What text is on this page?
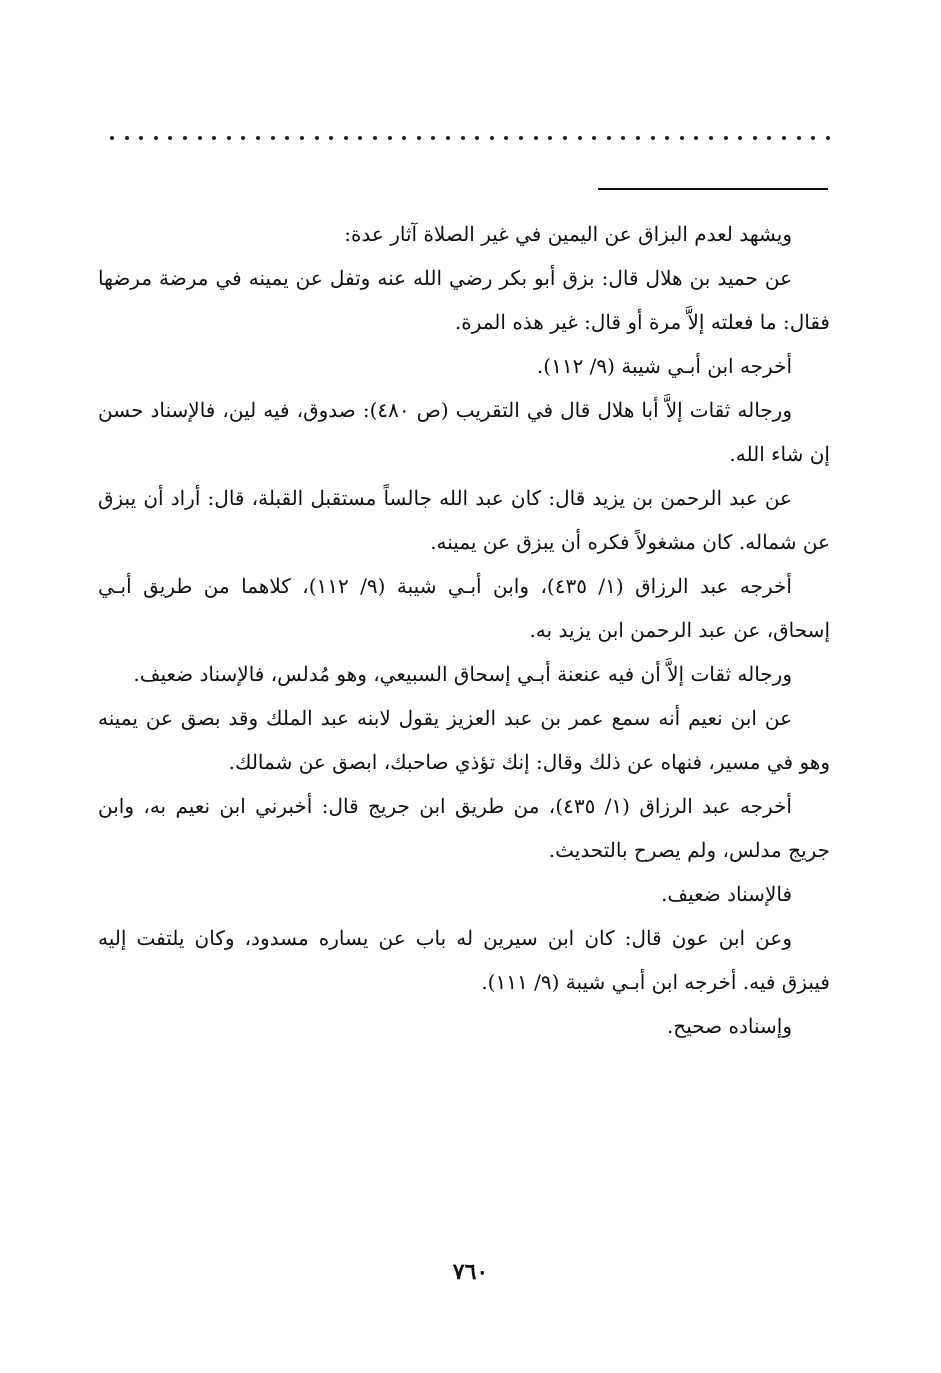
ويشهد لعدم البزاق عن اليمين في غير الصلاة آثار عدة:

عن حميد بن هلال قال: بزق أبو بكر رضي الله عنه وتفل عن يمينه في مرضة مرضها فقال: ما فعلته إلاَّ مرة أو قال: غير هذه المرة.

أخرجه ابن أبـي شيبة (٩/ ١١٢).

ورجاله ثقات إلاَّ أبا هلال قال في التقريب (ص ٤٨٠): صدوق، فيه لين، فالإسناد حسن إن شاء الله.

عن عبد الرحمن بن يزيد قال: كان عبد الله جالساً مستقبل القبلة، قال: أراد أن يبزق عن شماله. كان مشغولاً فكره أن يبزق عن يمينه.

أخرجه عبد الرزاق (١/ ٤٣٥)، وابن أبـي شيبة (٩/ ١١٢)، كلاهما من طريق أبـي إسحاق، عن عبد الرحمن ابن يزيد به.

ورجاله ثقات إلاَّ أن فيه عنعنة أبـي إسحاق السبيعي، وهو مُدلس، فالإسناد ضعيف.

عن ابن نعيم أنه سمع عمر بن عبد العزيز يقول لابنه عبد الملك وقد بصق عن يمينه وهو في مسير، فنهاه عن ذلك وقال: إنك تؤذي صاحبك، ابصق عن شمالك.

أخرجه عبد الرزاق (١/ ٤٣٥)، من طريق ابن جريج قال: أخبرني ابن نعيم به، وابن جريج مدلس، ولم يصرح بالتحديث.

فالإسناد ضعيف.

وعن ابن عون قال: كان ابن سيرين له باب عن يساره مسدود، وكان يلتفت إليه فيبزق فيه. أخرجه ابن أبـي شيبة (٩/ ١١١).

وإسناده صحيح.

٧٦٠
